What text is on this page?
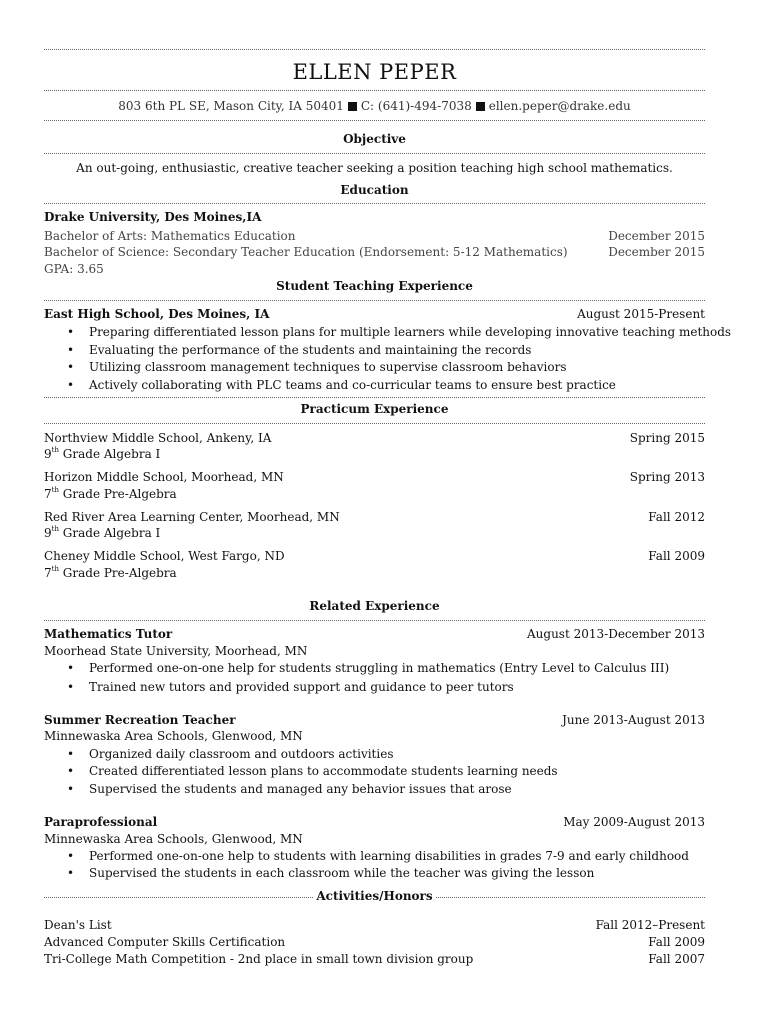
ELLEN PEPER
803 6th PL SE, Mason City, IA 50401 C: (641)-494-7038 ellen.peper@drake.edu
Objective
An out-going, enthusiastic, creative teacher seeking a position teaching high school mathematics.
Education
Drake University, Des Moines,IA
Bachelor of Arts: Mathematics Education	December 2015
Bachelor of Science: Secondary Teacher Education (Endorsement: 5-12 Mathematics)	December 2015
GPA: 3.65
Student Teaching Experience
East High School, Des Moines, IA	August 2015-Present
• Preparing differentiated lesson plans for multiple learners while developing innovative teaching methods
• Evaluating the performance of the students and maintaining the records
• Utilizing classroom management techniques to supervise classroom behaviors
• Actively collaborating with PLC teams and co-curricular teams to ensure best practice
Practicum Experience
Northview Middle School, Ankeny, IA	Spring 2015
9th Grade Algebra I
Horizon Middle School, Moorhead, MN	Spring 2013
7th Grade Pre-Algebra
Red River Area Learning Center, Moorhead, MN	Fall 2012
9th Grade Algebra I
Cheney Middle School, West Fargo, ND	Fall 2009
7th Grade Pre-Algebra
Related Experience
Mathematics Tutor	August 2013-December 2013
Moorhead State University, Moorhead, MN
• Performed one-on-one help for students struggling in mathematics (Entry Level to Calculus III)
• Trained new tutors and provided support and guidance to peer tutors
Summer Recreation Teacher	June 2013-August 2013
Minnewaska Area Schools, Glenwood, MN
• Organized daily classroom and outdoors activities
• Created differentiated lesson plans to accommodate students learning needs
• Supervised the students and managed any behavior issues that arose
Paraprofessional	May 2009-August 2013
Minnewaska Area Schools, Glenwood, MN
• Performed one-on-one help to students with learning disabilities in grades 7-9 and early childhood
• Supervised the students in each classroom while the teacher was giving the lesson
Activities/Honors
Dean's List	Fall 2012–Present
Advanced Computer Skills Certification	Fall 2009
Tri-College Math Competition - 2nd place in small town division group	Fall 2007
